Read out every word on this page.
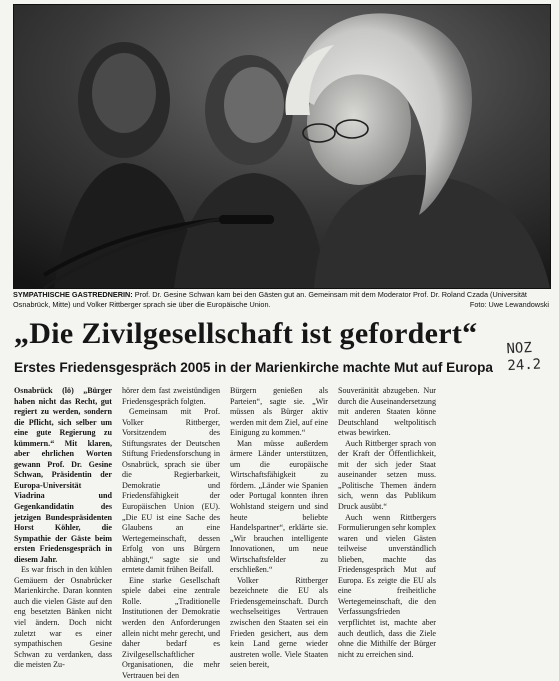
SYMPATHISCHE GASTREDNERIN: Prof. Dr. Gesine Schwan kam bei den Gästen gut an. Gemeinsam mit dem Moderator Prof. Dr. Roland Czada (Universität Osnabrück, Mitte) und Volker Rittberger sprach sie über die Europäische Union.	Foto: Uwe Lewandowski

„Die Zivilgesellschaft ist gefordert“	NOZ
24.2
Erstes Friedensgespräch 2005 in der Marienkirche machte Mut auf Europa

Osnabrück (lö) „Bürger haben nicht das Recht, gut regiert zu werden, sondern die Pflicht, sich selber um eine gute Regierung zu kümmern.“ Mit klaren, aber ehrlichen Worten gewann Prof. Dr. Gesine Schwan, Präsidentin der Europa-Universität Viadrina und Gegenkandidatin des jetzigen Bundespräsidenten Horst Köhler, die Sympathie der Gäste beim ersten Friedensgespräch in diesem Jahr.

Es war frisch in den kühlen Gemäuern der Osnabrücker Marienkirche. Daran konnten auch die vielen Gäste auf den eng besetzten Bänken nicht viel ändern. Doch nicht zuletzt war es einer sympathischen Gesine Schwan zu verdanken, dass die meisten Zu-

hörer dem fast zweistündigen Friedensgespräch folgten.

Gemeinsam mit Prof. Volker Rittberger, Vorsitzendem des Stiftungsrates der Deutschen Stiftung Friedensforschung in Osnabrück, sprach sie über die Regierbarkeit, Demokratie und Friedensfähigkeit der Europäischen Union (EU). „Die EU ist eine Sache des Glaubens an eine Wertegemeinschaft, dessen Erfolg von uns Bürgern abhängt,“ sagte sie und erntete damit frühen Beifall.

Eine starke Gesellschaft spiele dabei eine zentrale Rolle. „Traditionelle Institutionen der Demokratie werden den Anforderungen allein nicht mehr gerecht, und daher bedarf es Zivilgesellschaftlicher Organisationen, die mehr Vertrauen bei den

Bürgern genießen als Parteien“, sagte sie. „Wir müssen als Bürger aktiv werden mit dem Ziel, auf eine Einigung zu kommen.“

Man müsse außerdem ärmere Länder unterstützen, um die europäische Wirtschaftsfähigkeit zu fördern. „Länder wie Spanien oder Portugal konnten ihren Wohlstand steigern und sind heute beliebte Handelspartner“, erklärte sie. „Wir brauchen intelligente Innovationen, um neue Wirtschaftsfelder zu erschließen.“

Volker Rittberger bezeichnete die EU als Friedensgemeinschaft. Durch wechselseitiges Vertrauen zwischen den Staaten sei ein Frieden gesichert, aus dem kein Land gerne wieder austreten wolle. Viele Staaten seien bereit,

Souveränität abzugeben. Nur durch die Auseinandersetzung mit anderen Staaten könne Deutschland weltpolitisch etwas bewirken.

Auch Rittberger sprach von der Kraft der Öffentlichkeit, mit der sich jeder Staat auseinander setzen muss. „Politische Themen ändern sich, wenn das Publikum Druck ausübt.“

Auch wenn Rittbergers Formulierungen sehr komplex waren und vielen Gästen teilweise unverständlich blieben, machte das Friedensgespräch Mut auf Europa. Es zeigte die EU als eine freiheitliche Wertegemeinschaft, die den Verfassungsfrieden verpflichtet ist, machte aber auch deutlich, dass die Ziele ohne die Mithilfe der Bürger nicht zu erreichen sind.
